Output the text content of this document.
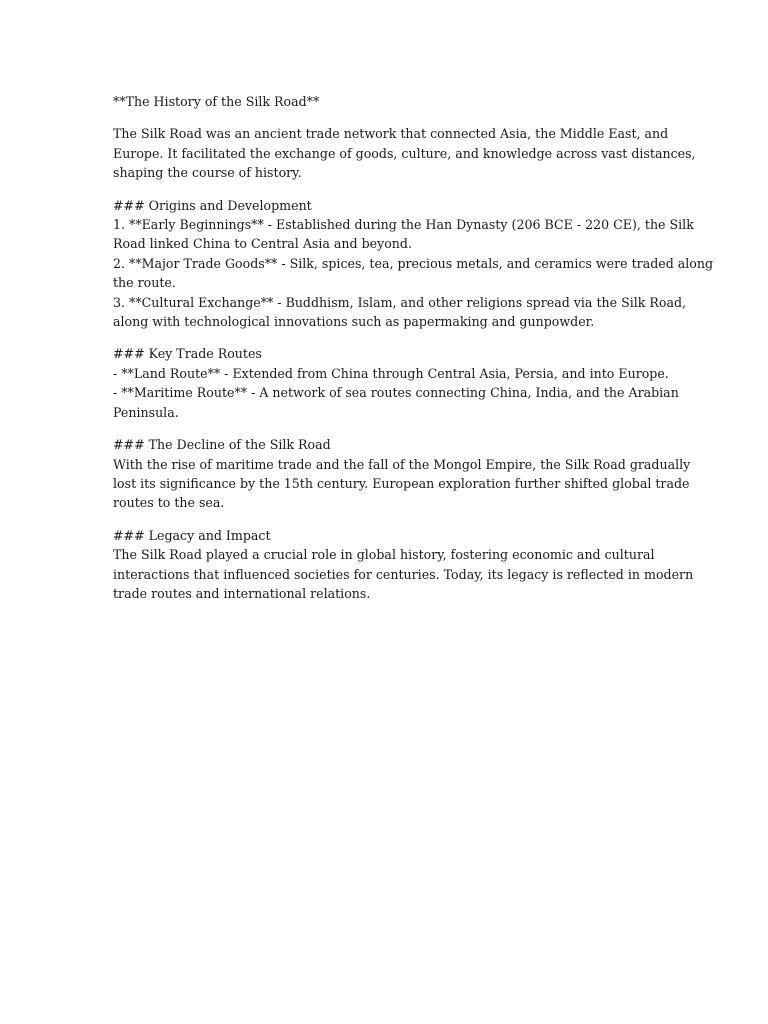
**The History of the Silk Road**

The Silk Road was an ancient trade network that connected Asia, the Middle East, and
Europe. It facilitated the exchange of goods, culture, and knowledge across vast distances,
shaping the course of history.

### Origins and Development
1. **Early Beginnings** - Established during the Han Dynasty (206 BCE - 220 CE), the Silk
Road linked China to Central Asia and beyond.
2. **Major Trade Goods** - Silk, spices, tea, precious metals, and ceramics were traded along
the route.
3. **Cultural Exchange** - Buddhism, Islam, and other religions spread via the Silk Road,
along with technological innovations such as papermaking and gunpowder.

### Key Trade Routes
- **Land Route** - Extended from China through Central Asia, Persia, and into Europe.
- **Maritime Route** - A network of sea routes connecting China, India, and the Arabian
Peninsula.

### The Decline of the Silk Road
With the rise of maritime trade and the fall of the Mongol Empire, the Silk Road gradually
lost its significance by the 15th century. European exploration further shifted global trade
routes to the sea.

### Legacy and Impact
The Silk Road played a crucial role in global history, fostering economic and cultural
interactions that influenced societies for centuries. Today, its legacy is reflected in modern
trade routes and international relations.
